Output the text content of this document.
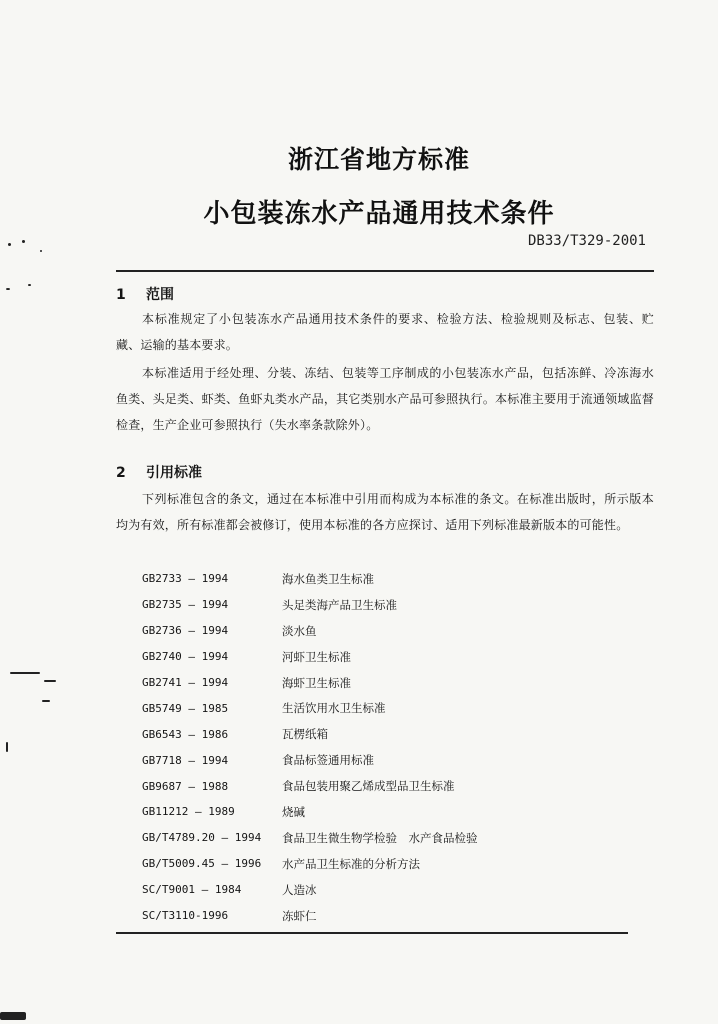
浙江省地方标准
小包装冻水产品通用技术条件
DB33/T329-2001
1 范围
本标准规定了小包装冻水产品通用技术条件的要求、检验方法、检验规则及标志、包装、贮藏、运输的基本要求。
本标准适用于经处理、分装、冻结、包装等工序制成的小包装冻水产品，包括冻鲜、冷冻海水鱼类、头足类、虾类、鱼虾丸类水产品，其它类别水产品可参照执行。本标准主要用于流通领域监督检查，生产企业可参照执行（失水率条款除外）。
2 引用标准
下列标准包含的条文，通过在本标准中引用而构成为本标准的条文。在标准出版时，所示版本均为有效，所有标准都会被修订，使用本标准的各方应探讨、适用下列标准最新版本的可能性。
GB2733 — 1994	海水鱼类卫生标准
GB2735 — 1994	头足类海产品卫生标准
GB2736 — 1994	淡水鱼
GB2740 — 1994	河虾卫生标准
GB2741 — 1994	海虾卫生标准
GB5749 — 1985	生活饮用水卫生标准
GB6543 — 1986	瓦楞纸箱
GB7718 — 1994	食品标签通用标准
GB9687 — 1988	食品包装用聚乙烯成型品卫生标准
GB11212 — 1989	烧碱
GB/T4789.20 — 1994	食品卫生微生物学检验　水产食品检验
GB/T5009.45 — 1996	水产品卫生标准的分析方法
SC/T9001 — 1984	人造冰
SC/T3110-1996	冻虾仁
